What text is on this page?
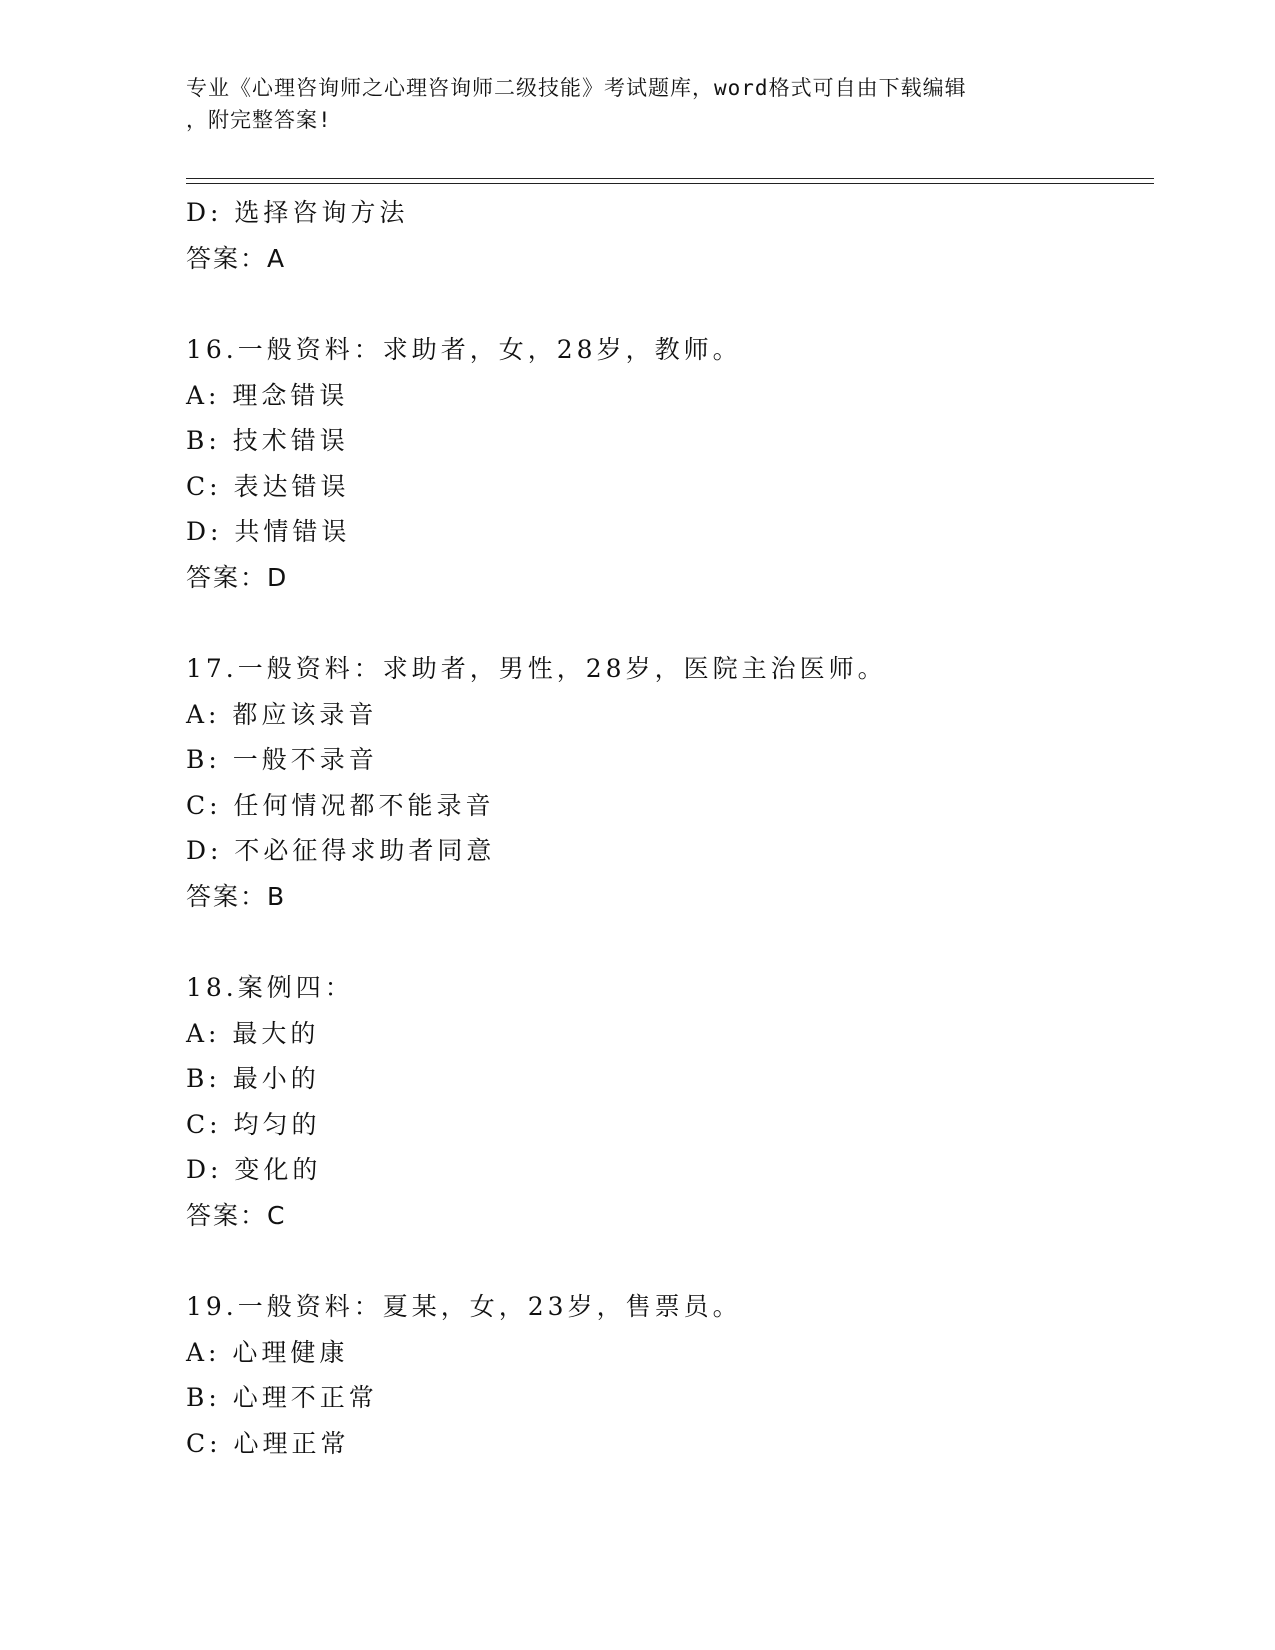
专业《心理咨询师之心理咨询师二级技能》考试题库，word格式可自由下载编辑
，附完整答案!
D: 选择咨询方法
答案：A
16.一般资料：求助者，女，28岁，教师。
A: 理念错误
B: 技术错误
C: 表达错误
D: 共情错误
答案：D
17.一般资料：求助者，男性，28岁，医院主治医师。
A: 都应该录音
B: 一般不录音
C: 任何情况都不能录音
D: 不必征得求助者同意
答案：B
18.案例四：
A: 最大的
B: 最小的
C: 均匀的
D: 变化的
答案：C
19.一般资料：夏某，女，23岁，售票员。
A: 心理健康
B: 心理不正常
C: 心理正常
